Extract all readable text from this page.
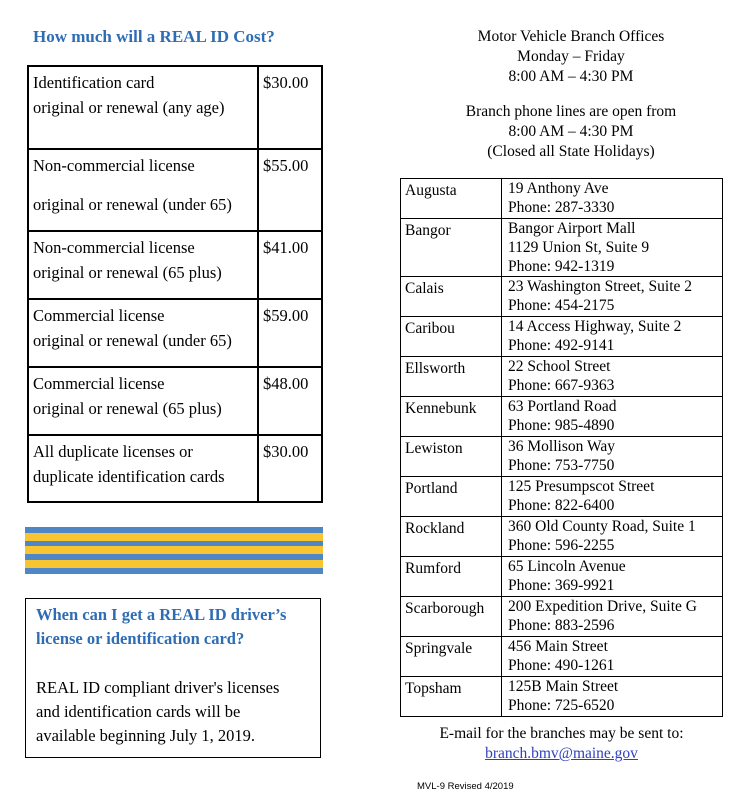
How much will a REAL ID Cost?
Identification card
original or renewal (any age)	$30.00

Non-commercial license
original or renewal (under 65)	$55.00

Non-commercial license
original or renewal (65 plus)	$41.00

Commercial license
original or renewal (under 65)	$59.00

Commercial license
original or renewal (65 plus)	$48.00

All duplicate licenses or
duplicate identification cards	$30.00
When can I get a REAL ID driver’s
license or identification card?
REAL ID compliant driver's licenses
and identification cards will be
available beginning July 1, 2019.
Motor Vehicle Branch Offices
Monday – Friday
8:00 AM – 4:30 PM
Branch phone lines are open from
8:00 AM – 4:30 PM
(Closed all State Holidays)
Augusta	19 Anthony Ave
Phone: 287-3330

Bangor	Bangor Airport Mall
1129 Union St, Suite 9
Phone: 942-1319

Calais	23 Washington Street, Suite 2
Phone: 454-2175

Caribou	14 Access Highway, Suite 2
Phone: 492-9141

Ellsworth	22 School Street
Phone: 667-9363

Kennebunk	63 Portland Road
Phone: 985-4890

Lewiston	36 Mollison Way
Phone: 753-7750

Portland	125 Presumpscot Street
Phone: 822-6400

Rockland	360 Old County Road, Suite 1
Phone: 596-2255

Rumford	65 Lincoln Avenue
Phone: 369-9921

Scarborough	200 Expedition Drive, Suite G
Phone: 883-2596

Springvale	456 Main Street
Phone: 490-1261

Topsham	125B Main Street
Phone: 725-6520
E-mail for the branches may be sent to:
branch.bmv@maine.gov
MVL-9 Revised 4/2019
